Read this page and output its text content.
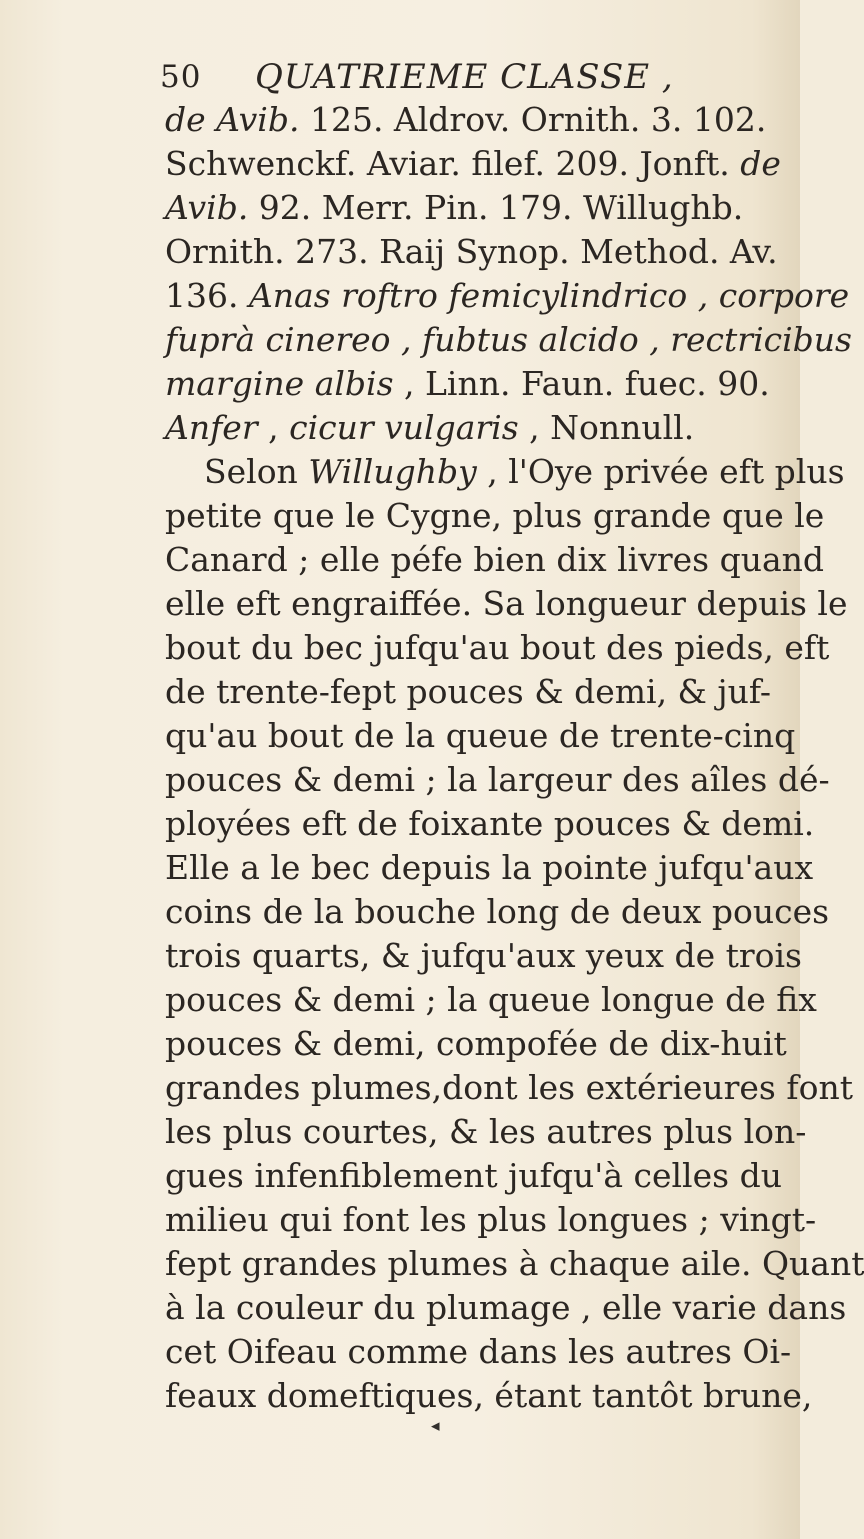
50 QUATRIEME CLASSE ,
de Avib. 125. Aldrov. Ornith. 3. 102.
Schwenckf. Aviar. filef. 209. Jonft. de
Avib. 92. Merr. Pin. 179. Willughb.
Ornith. 273. Raij Synop. Method. Av.
136. Anas roftro femicylindrico , corpore
fuprà cinereo , fubtus alcido , rectricibus
margine albis , Linn. Faun. fuec. 90.
Anfer , cicur vulgaris , Nonnull.
Selon Willughby , l'Oye privée eft plus
petite que le Cygne, plus grande que le
Canard ; elle péfe bien dix livres quand
elle eft engraiffée. Sa longueur depuis le
bout du bec jufqu'au bout des pieds, eft
de trente-fept pouces & demi, & juf-
qu'au bout de la queue de trente-cinq
pouces & demi ; la largeur des aîles dé-
ployées eft de foixante pouces & demi.
Elle a le bec depuis la pointe jufqu'aux
coins de la bouche long de deux pouces
trois quarts, & jufqu'aux yeux de trois
pouces & demi ; la queue longue de fix
pouces & demi, compofée de dix-huit
grandes plumes,dont les extérieures font
les plus courtes, & les autres plus lon-
gues infenfiblement jufqu'à celles du
milieu qui font les plus longues ; vingt-
fept grandes plumes à chaque aile. Quant
à la couleur du plumage , elle varie dans
cet Oifeau comme dans les autres Oi-
feaux domeftiques, étant tantôt brune,
◂
